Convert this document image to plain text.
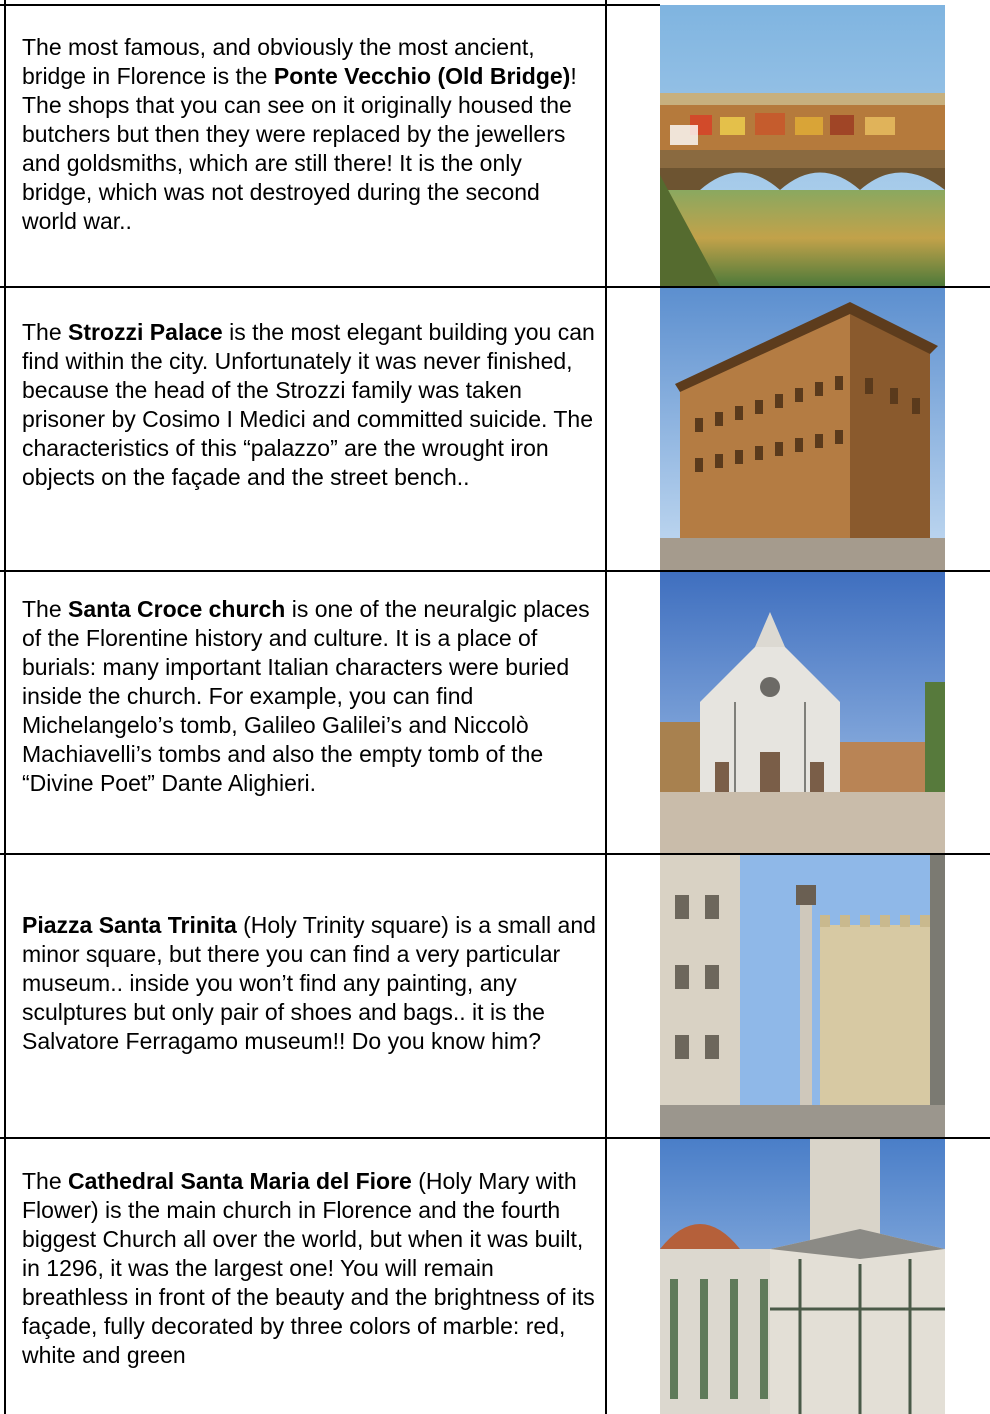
The most famous, and obviously the most ancient, bridge in Florence is the Ponte Vecchio (Old Bridge)! The shops that you can see on it originally housed the butchers but then they were replaced by the jewellers and goldsmiths, which are still there! It is the only bridge, which was not destroyed during the second world war..
The Strozzi Palace is the most elegant building you can find within the city. Unfortunately it was never finished, because the head of the Strozzi family was taken prisoner by Cosimo I Medici and committed suicide. The characteristics of this “palazzo” are the wrought iron objects on the façade and the street bench..
The Santa Croce church is one of the neuralgic places of the Florentine history and culture. It is a place of burials: many important Italian characters were buried inside the church. For example, you can find Michelangelo’s tomb, Galileo Galilei’s and Niccolò Machiavelli’s tombs and also the empty tomb of the “Divine Poet” Dante Alighieri.
Piazza Santa Trinita (Holy Trinity square) is a small and minor square, but there you can find a very particular museum.. inside you won’t find any painting, any sculptures but only pair of shoes and bags.. it is the Salvatore Ferragamo museum!! Do you know him?
The Cathedral Santa Maria del Fiore (Holy Mary with Flower) is the main church in Florence and the fourth biggest Church all over the world, but when it was built, in 1296, it was the largest one! You will remain breathless in front of the beauty and the brightness of its façade, fully decorated by three colors of marble: red, white and green
